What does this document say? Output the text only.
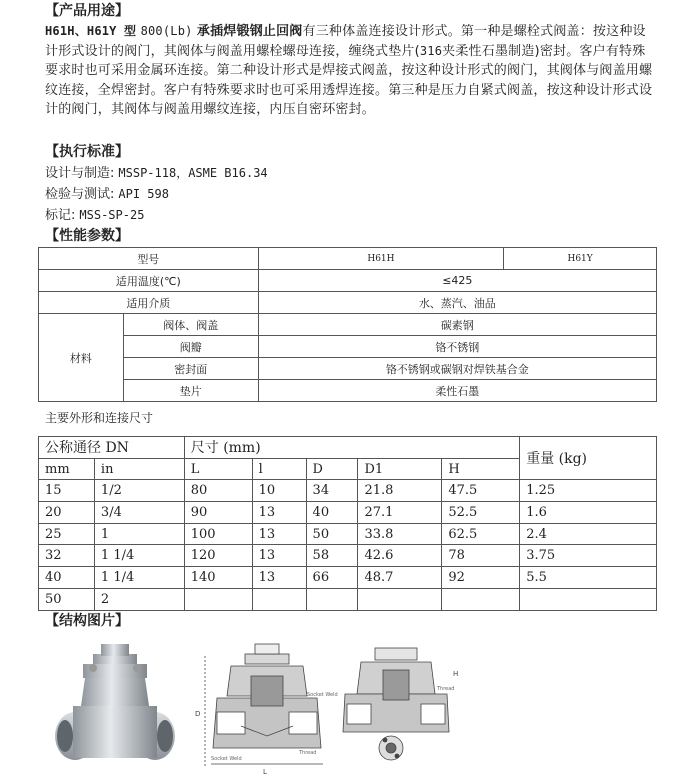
【产品用途】
H61H、H61Y 型 800(Lb) 承插焊锻钢止回阀有三种体盖连接设计形式。第一种是螺栓式阀盖：按这种设计形式设计的阀门，其阀体与阀盖用螺栓螺母连接，缠绕式垫片(316夹柔性石墨制造)密封。客户有特殊要求时也可采用金属环连接。第二种设计形式是焊接式阀盖，按这种设计形式的阀门，其阀体与阀盖用螺纹连接，全焊密封。客户有特殊要求时也可采用透焊连接。第三种是压力自紧式阀盖，按这种设计形式设计的阀门，其阀体与阀盖用螺纹连接，内压自密环密封。
【执行标准】
设计与制造: MSSP-118，ASME B16.34
检验与测试: API 598
标记: MSS-SP-25
【性能参数】
型号		H61H	H61Y
适用温度(℃)		≤425	
适用介质		水、蒸汽、油品	
材料	阀体、阀盖	碳素钢	
	阀瓣	铬不锈钢	
	密封面	铬不锈钢或碳钢对焊铁基合金	
	垫片	柔性石墨	
主要外形和连接尺寸
公称通径 DN		尺寸 (mm)					重量 (kg)
mm	in	L	l	D	D1	H	
15	1/2	80	10	34	21.8	47.5	1.25
20	3/4	90	13	40	27.1	52.5	1.6
25	1	100	13	50	33.8	62.5	2.4
32	1 1/4	120	13	58	42.6	78	3.75
40	1 1/4	140	13	66	48.7	92	5.5
50	2						
【结构图片】
L
D
Socket Weld
Thread
Socket Weld
Thread
H
